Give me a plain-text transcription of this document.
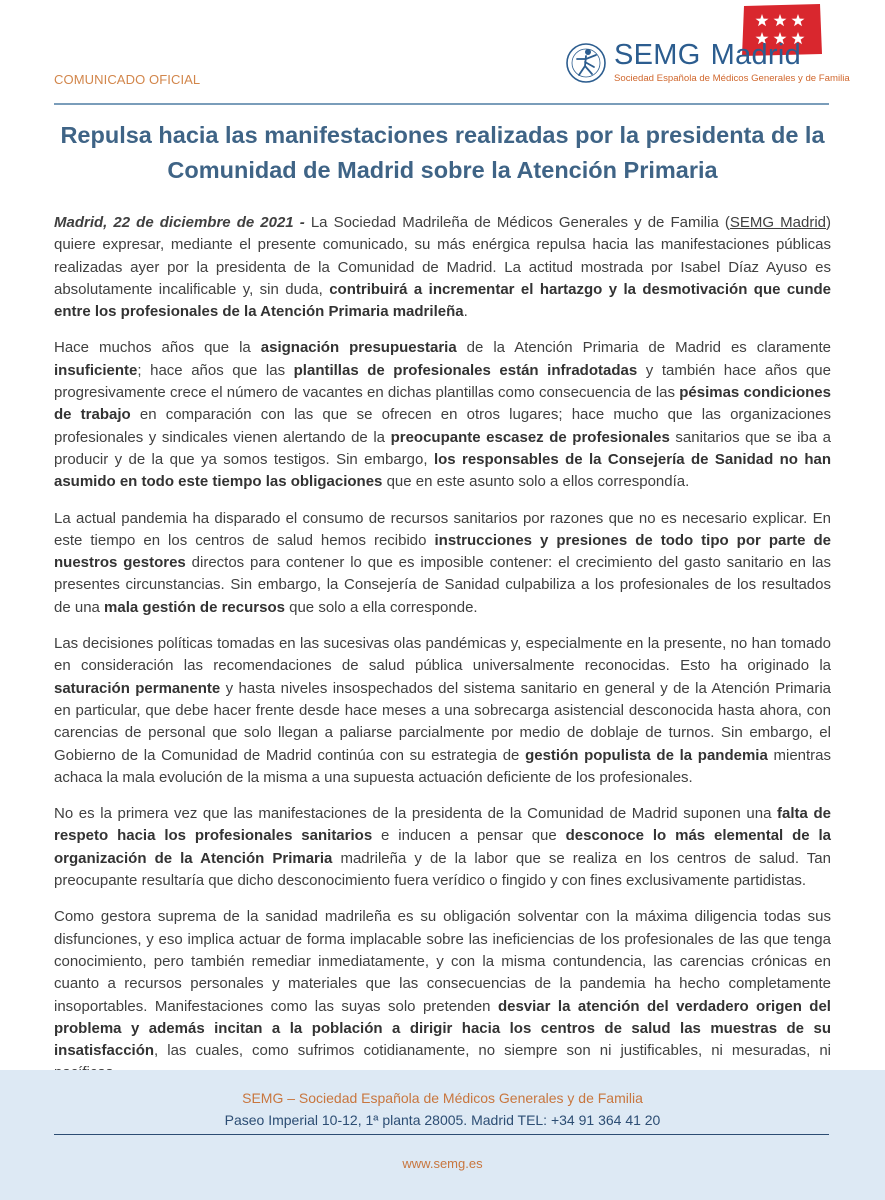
COMUNICADO OFICIAL
SEMG Madrid
Sociedad Española de Médicos Generales y de Familia
Repulsa hacia las manifestaciones realizadas por la presidenta de la
Comunidad de Madrid sobre la Atención Primaria

Madrid, 22 de diciembre de 2021 - La Sociedad Madrileña de Médicos Generales y de Familia (SEMG Madrid) quiere expresar, mediante el presente comunicado, su más enérgica repulsa hacia las manifestaciones públicas realizadas ayer por la presidenta de la Comunidad de Madrid. La actitud mostrada por Isabel Díaz Ayuso es absolutamente incalificable y, sin duda, contribuirá a incrementar el hartazgo y la desmotivación que cunde entre los profesionales de la Atención Primaria madrileña.

Hace muchos años que la asignación presupuestaria de la Atención Primaria de Madrid es claramente insuficiente; hace años que las plantillas de profesionales están infradotadas y también hace años que progresivamente crece el número de vacantes en dichas plantillas como consecuencia de las pésimas condiciones de trabajo en comparación con las que se ofrecen en otros lugares; hace mucho que las organizaciones profesionales y sindicales vienen alertando de la preocupante escasez de profesionales sanitarios que se iba a producir y de la que ya somos testigos. Sin embargo, los responsables de la Consejería de Sanidad no han asumido en todo este tiempo las obligaciones que en este asunto solo a ellos correspondía.

La actual pandemia ha disparado el consumo de recursos sanitarios por razones que no es necesario explicar. En este tiempo en los centros de salud hemos recibido instrucciones y presiones de todo tipo por parte de nuestros gestores directos para contener lo que es imposible contener: el crecimiento del gasto sanitario en las presentes circunstancias. Sin embargo, la Consejería de Sanidad culpabiliza a los profesionales de los resultados de una mala gestión de recursos que solo a ella corresponde.

Las decisiones políticas tomadas en las sucesivas olas pandémicas y, especialmente en la presente, no han tomado en consideración las recomendaciones de salud pública universalmente reconocidas. Esto ha originado la saturación permanente y hasta niveles insospechados del sistema sanitario en general y de la Atención Primaria en particular, que debe hacer frente desde hace meses a una sobrecarga asistencial desconocida hasta ahora, con carencias de personal que solo llegan a paliarse parcialmente por medio de doblaje de turnos. Sin embargo, el Gobierno de la Comunidad de Madrid continúa con su estrategia de gestión populista de la pandemia mientras achaca la mala evolución de la misma a una supuesta actuación deficiente de los profesionales.

No es la primera vez que las manifestaciones de la presidenta de la Comunidad de Madrid suponen una falta de respeto hacia los profesionales sanitarios e inducen a pensar que desconoce lo más elemental de la organización de la Atención Primaria madrileña y de la labor que se realiza en los centros de salud. Tan preocupante resultaría que dicho desconocimiento fuera verídico o fingido y con fines exclusivamente partidistas.

Como gestora suprema de la sanidad madrileña es su obligación solventar con la máxima diligencia todas sus disfunciones, y eso implica actuar de forma implacable sobre las ineficiencias de los profesionales de las que tenga conocimiento, pero también remediar inmediatamente, y con la misma contundencia, las carencias crónicas en cuanto a recursos personales y materiales que las consecuencias de la pandemia ha hecho completamente insoportables. Manifestaciones como las suyas solo pretenden desviar la atención del verdadero origen del problema y además incitan a la población a dirigir hacia los centros de salud las muestras de su insatisfacción, las cuales, como sufrimos cotidianamente, no siempre son ni justificables, ni mesuradas, ni

SEMG – Sociedad Española de Médicos Generales y de Familia
Paseo Imperial 10-12, 1ª planta 28005. Madrid TEL: +34 91 364 41 20
www.semg.es
